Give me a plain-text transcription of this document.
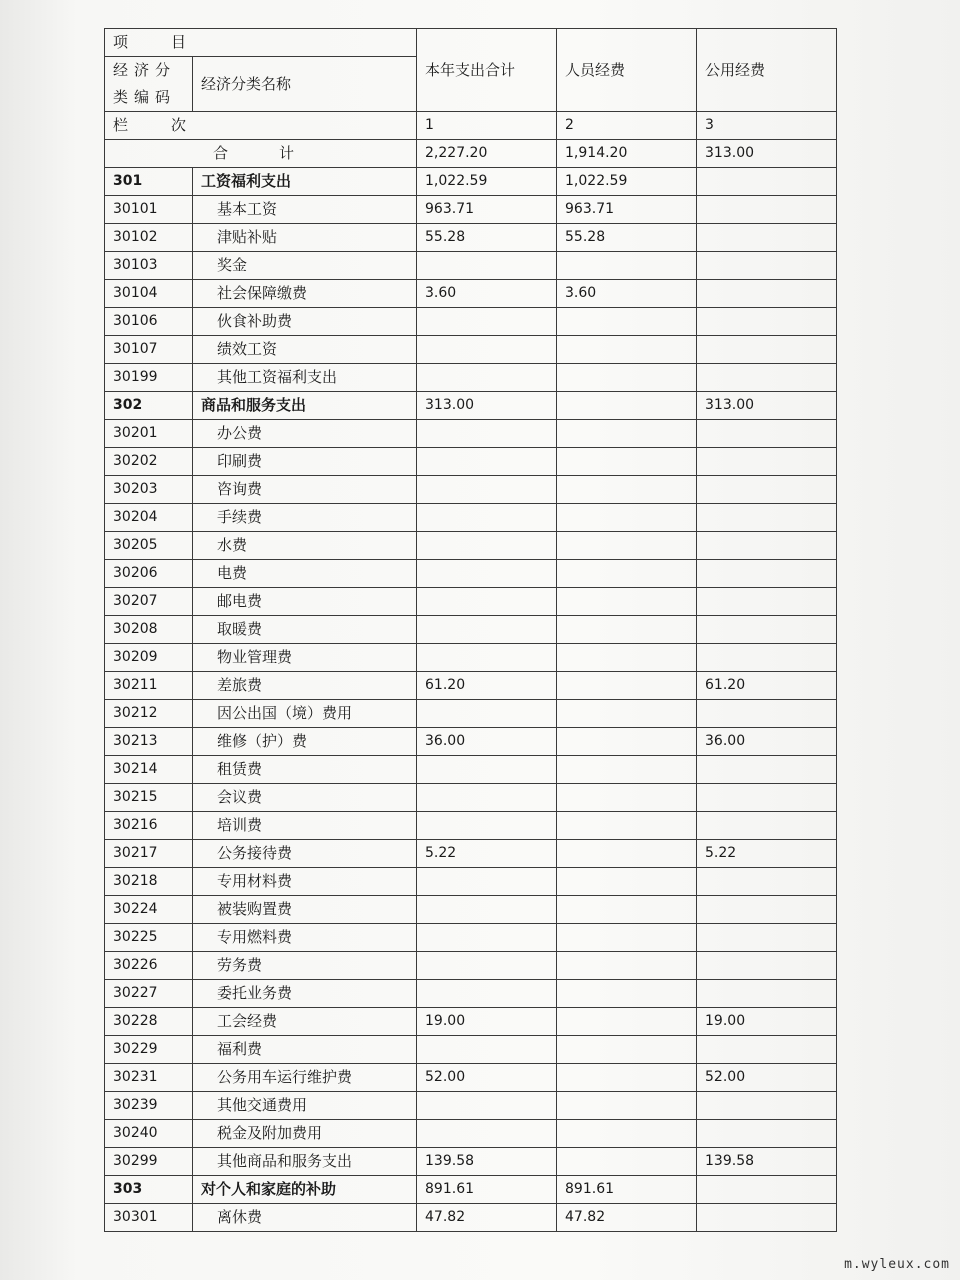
项　目		本年支出合计	人员经费	公用经费
经济分类编码	经济分类名称			
栏　次		1	2	3
合　计		2,227.20	1,914.20	313.00
301	工资福利支出	1,022.59	1,022.59	
30101	基本工资	963.71	963.71	
30102	津贴补贴	55.28	55.28	
30103	奖金			
30104	社会保障缴费	3.60	3.60	
30106	伙食补助费			
30107	绩效工资			
30199	其他工资福利支出			
302	商品和服务支出	313.00		313.00
30201	办公费			
30202	印刷费			
30203	咨询费			
30204	手续费			
30205	水费			
30206	电费			
30207	邮电费			
30208	取暖费			
30209	物业管理费			
30211	差旅费	61.20		61.20
30212	因公出国（境）费用			
30213	维修（护）费	36.00		36.00
30214	租赁费			
30215	会议费			
30216	培训费			
30217	公务接待费	5.22		5.22
30218	专用材料费			
30224	被装购置费			
30225	专用燃料费			
30226	劳务费			
30227	委托业务费			
30228	工会经费	19.00		19.00
30229	福利费			
30231	公务用车运行维护费	52.00		52.00
30239	其他交通费用			
30240	税金及附加费用			
30299	其他商品和服务支出	139.58		139.58
303	对个人和家庭的补助	891.61	891.61	
30301	离休费	47.82	47.82	
m.wyleux.com
